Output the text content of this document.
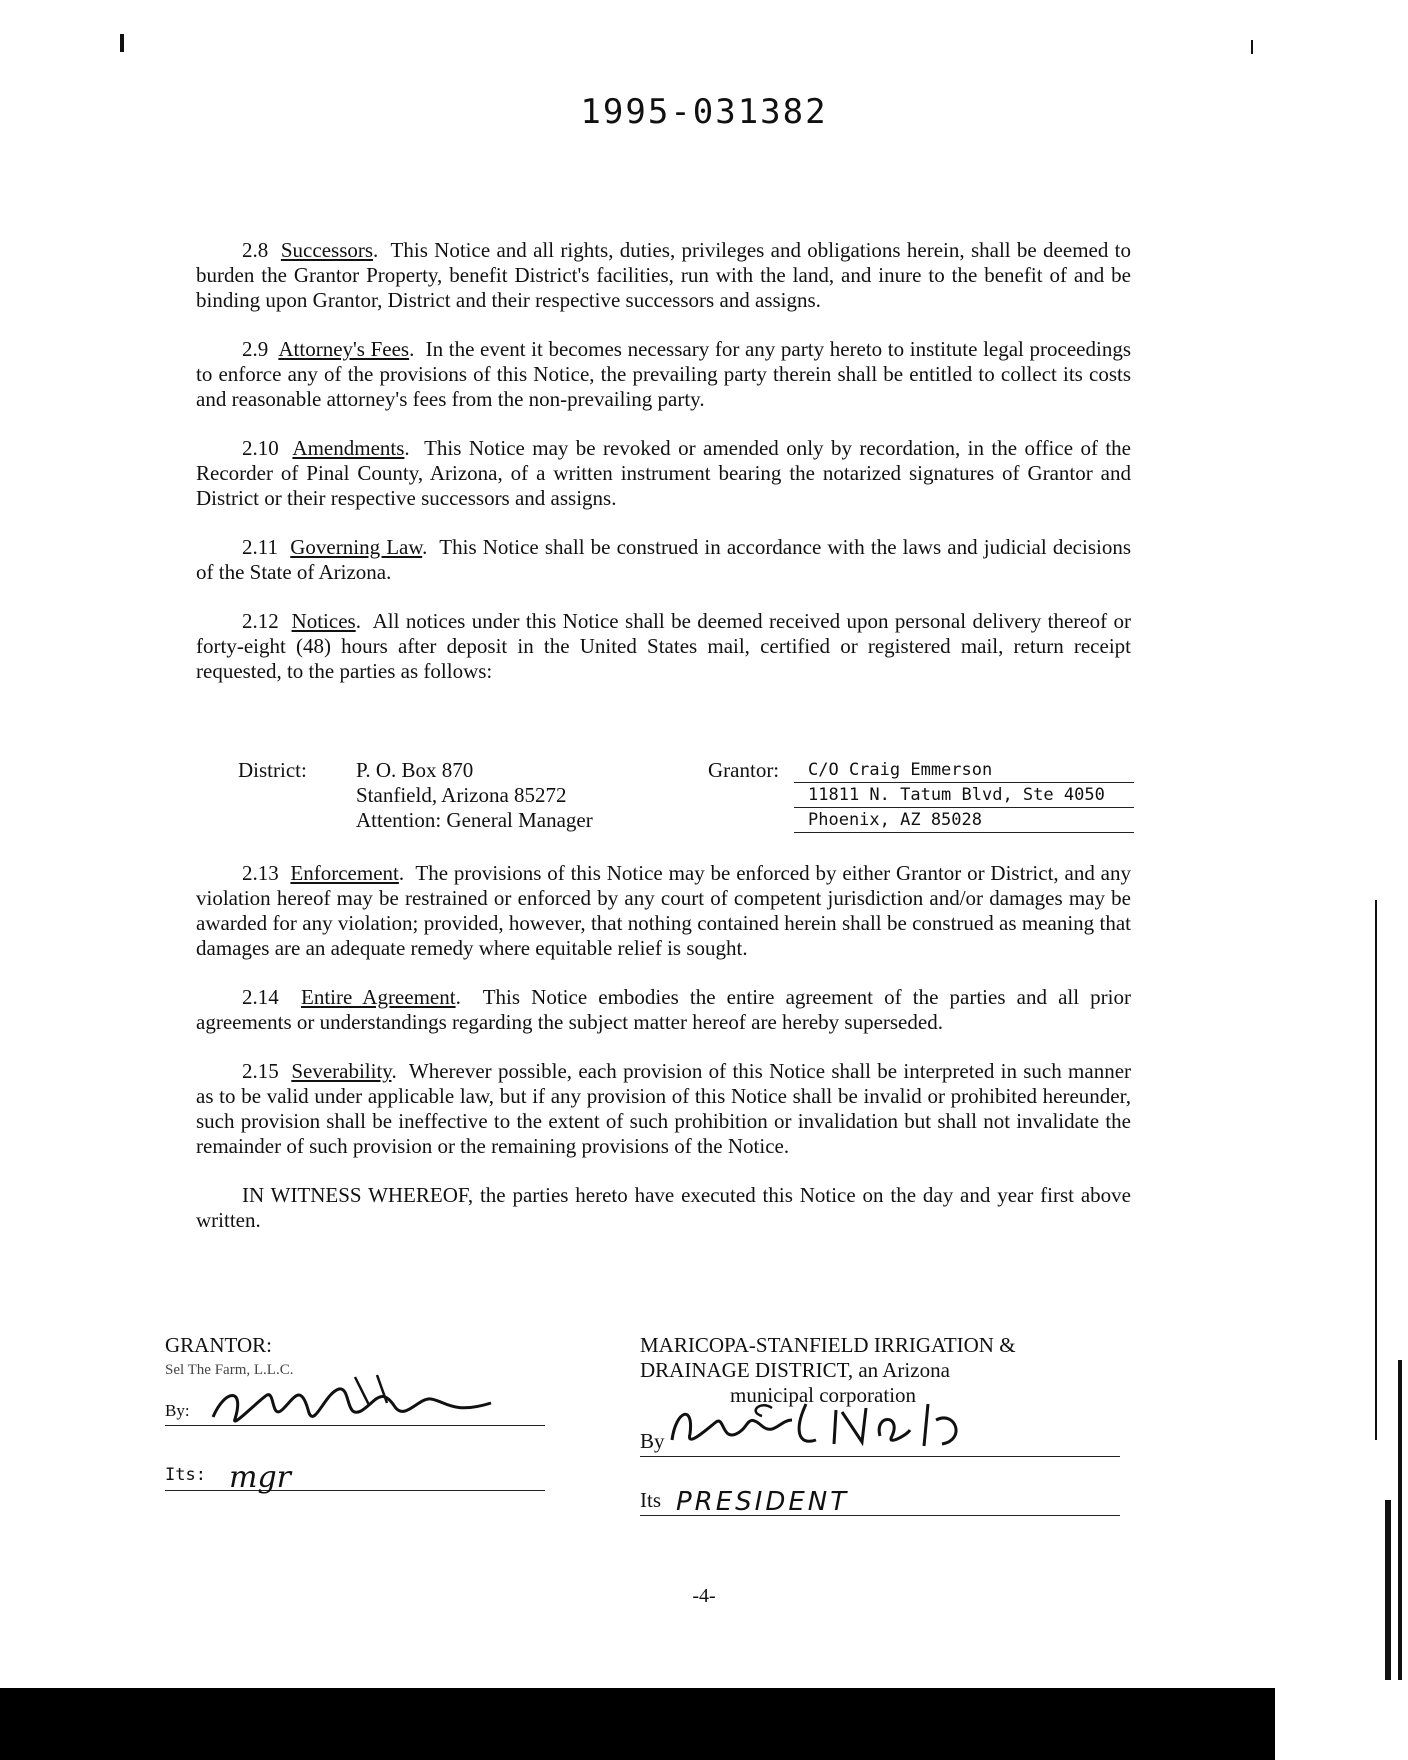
1995-031382

2.8 Successors.  This Notice and all rights, duties, privileges and obligations herein, shall be deemed to burden the Grantor Property, benefit District's facilities, run with the land, and inure to the benefit of and be binding upon Grantor, District and their respective successors and assigns.

2.9 Attorney's Fees.  In the event it becomes necessary for any party hereto to institute legal proceedings to enforce any of the provisions of this Notice, the prevailing party therein shall be entitled to collect its costs and reasonable attorney's fees from the non-prevailing party.

2.10 Amendments.  This Notice may be revoked or amended only by recordation, in the office of the Recorder of Pinal County, Arizona, of a written instrument bearing the notarized signatures of Grantor and District or their respective successors and assigns.

2.11 Governing Law.  This Notice shall be construed in accordance with the laws and judicial decisions of the State of Arizona.

2.12 Notices.  All notices under this Notice shall be deemed received upon personal delivery thereof or forty-eight (48) hours after deposit in the United States mail, certified or registered mail, return receipt requested, to the parties as follows:

District: P. O. Box 870
Stanfield, Arizona 85272
Attention: General Manager
Grantor:	C/O Craig Emmerson
11811 N. Tatum Blvd, Ste 4050
Phoenix, AZ 85028

2.13 Enforcement.  The provisions of this Notice may be enforced by either Grantor or District, and any violation hereof may be restrained or enforced by any court of competent jurisdiction and/or damages may be awarded for any violation; provided, however, that nothing contained herein shall be construed as meaning that damages are an adequate remedy where equitable relief is sought.

2.14 Entire Agreement.  This Notice embodies the entire agreement of the parties and all prior agreements or understandings regarding the subject matter hereof are hereby superseded.

2.15 Severability.  Wherever possible, each provision of this Notice shall be interpreted in such manner as to be valid under applicable law, but if any provision of this Notice shall be invalid or prohibited hereunder, such provision shall be ineffective to the extent of such prohibition or invalidation but shall not invalidate the remainder of such provision or the remaining provisions of the Notice.

IN WITNESS WHEREOF, the parties hereto have executed this Notice on the day and year first above written.

GRANTOR:
Sel The Farm, L.L.C.
By:
Its: mgr
MARICOPA-STANFIELD IRRIGATION &
DRAINAGE DISTRICT, an Arizona
municipal corporation
By
Its PRESIDENT
-4-
